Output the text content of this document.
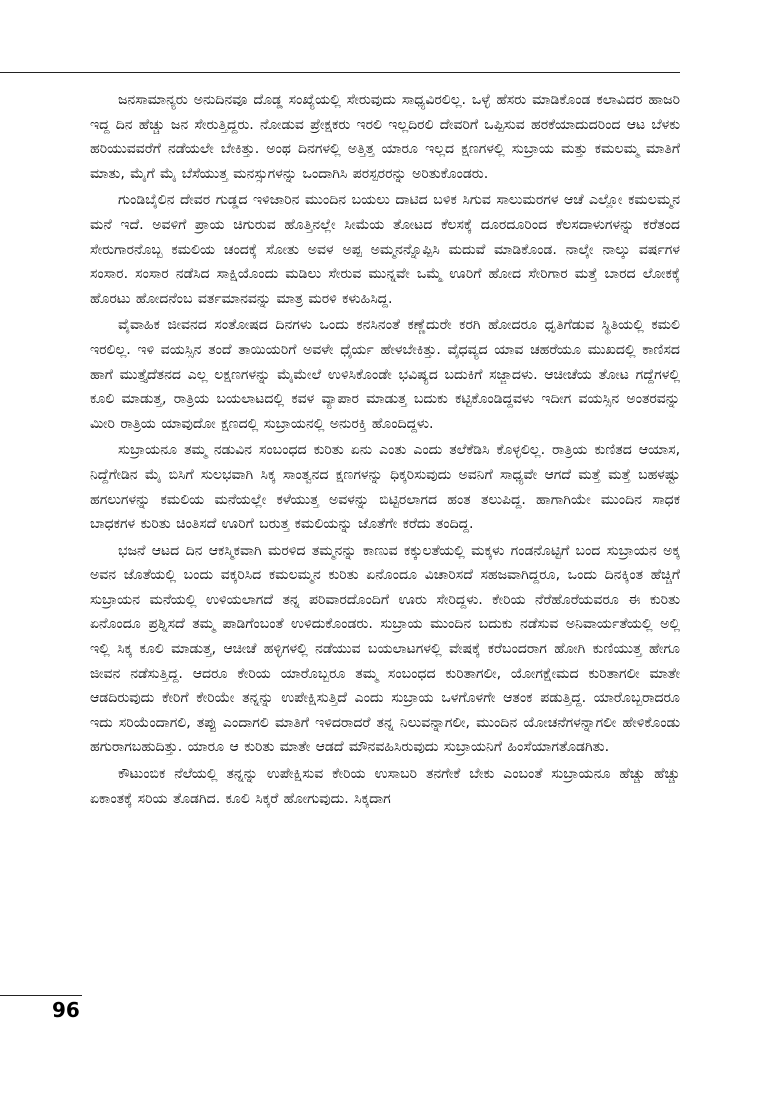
ಜನಸಾಮಾನ್ಯರು ಅನುದಿನವೂ ದೊಡ್ಡ ಸಂಖ್ಯೆಯಲ್ಲಿ ಸೇರುವುದು ಸಾಧ್ಯವಿರಲಿಲ್ಲ. ಒಳ್ಳೆ ಹೆಸರು ಮಾಡಿಕೊಂಡ ಕಲಾವಿದರ ಹಾಜರಿ ಇದ್ದ ದಿನ ಹೆಚ್ಚು ಜನ ಸೇರುತ್ತಿದ್ದರು. ನೋಡುವ ಪ್ರೇಕ್ಷಕರು ಇರಲಿ ಇಲ್ಲದಿರಲಿ ದೇವರಿಗೆ ಒಪ್ಪಿಸುವ ಹರಕೆಯಾದುದರಿಂದ ಆಟ ಬೆಳಕು ಹರಿಯುವವರೆಗೆ ನಡೆಯಲೇ ಬೇಕಿತ್ತು. ಅಂಥ ದಿನಗಳಲ್ಲಿ ಅತ್ತಿತ್ತ ಯಾರೂ ಇಲ್ಲದ ಕ್ಷಣಗಳಲ್ಲಿ ಸುಬ್ರಾಯ ಮತ್ತು ಕಮಲಮ್ಮ ಮಾತಿಗೆ ಮಾತು, ಮೈಗೆ ಮೈ ಬೆಸೆಯುತ್ತ ಮನಸ್ಸುಗಳನ್ನು ಒಂದಾಗಿಸಿ ಪರಸ್ಪರರನ್ನು ಅರಿತುಕೊಂಡರು.

ಗುಂಡಿಬೈಲಿನ ದೇವರ ಗುಡ್ಡದ ಇಳಿಜಾರಿನ ಮುಂದಿನ ಬಯಲು ದಾಟಿದ ಬಳಿಕ ಸಿಗುವ ಸಾಲುಮರಗಳ ಆಚೆ ಎಲ್ಲೋ ಕಮಲಮ್ಮನ ಮನೆ ಇದೆ. ಅವಳಿಗೆ ಪ್ರಾಯ ಚಿಗುರುವ ಹೊತ್ತಿನಲ್ಲೇ ಸೀಮೆಯ ತೋಟದ ಕೆಲಸಕ್ಕೆ ದೂರದೂರಿಂದ ಕೆಲಸದಾಳುಗಳನ್ನು ಕರೆತಂದ ಸೇರುಗಾರನೊಬ್ಬ ಕಮಲಿಯ ಚಂದಕ್ಕೆ ಸೋತು ಅವಳ ಅಪ್ಪ ಅಮ್ಮನನ್ನೊಪ್ಪಿಸಿ ಮದುವೆ ಮಾಡಿಕೊಂಡ. ನಾಲ್ಕೇ ನಾಲ್ಕು ವರ್ಷಗಳ ಸಂಸಾರ. ಸಂಸಾರ ನಡೆಸಿದ ಸಾಕ್ಷಿಯೊಂದು ಮಡಿಲು ಸೇರುವ ಮುನ್ನವೇ ಒಮ್ಮೆ ಊರಿಗೆ ಹೋದ ಸೇರಿಗಾರ ಮತ್ತೆ ಬಾರದ ಲೋಕಕ್ಕೆ ಹೊರಟು ಹೋದನೆಂಬ ವರ್ತಮಾನವನ್ನು ಮಾತ್ರ ಮರಳಿ ಕಳುಹಿಸಿದ್ದ.

ವೈವಾಹಿಕ ಜೀವನದ ಸಂತೋಷದ ದಿನಗಳು ಒಂದು ಕನಸಿನಂತೆ ಕಣ್ಣೆದುರೇ ಕರಗಿ ಹೋದರೂ ಧೃತಿಗೆಡುವ ಸ್ಥಿತಿಯಲ್ಲಿ ಕಮಲಿ ಇರಲಿಲ್ಲ. ಇಳಿ ವಯಸ್ಸಿನ ತಂದೆ ತಾಯಿಯರಿಗೆ ಅವಳೇ ಧೈರ್ಯ ಹೇಳಬೇಕಿತ್ತು. ವೈಧವ್ಯದ ಯಾವ ಚಹರೆಯೂ ಮುಖದಲ್ಲಿ ಕಾಣಿಸದ ಹಾಗೆ ಮುತ್ತೈದೆತನದ ಎಲ್ಲ ಲಕ್ಷಣಗಳನ್ನು ಮೈಮೇಲೆ ಉಳಿಸಿಕೊಂಡೇ ಭವಿಷ್ಯದ ಬದುಕಿಗೆ ಸಜ್ಜಾದಳು. ಆಚೀಚೆಯ ತೋಟ ಗದ್ದೆಗಳಲ್ಲಿ ಕೂಲಿ ಮಾಡುತ್ತ, ರಾತ್ರಿಯ ಬಯಲಾಟದಲ್ಲಿ ಕವಳ ವ್ಯಾಪಾರ ಮಾಡುತ್ತ ಬದುಕು ಕಟ್ಟಿಕೊಂಡಿದ್ದವಳು ಇದೀಗ ವಯಸ್ಸಿನ ಅಂತರವನ್ನು ಮೀರಿ ರಾತ್ರಿಯ ಯಾವುದೋ ಕ್ಷಣದಲ್ಲಿ ಸುಬ್ರಾಯನಲ್ಲಿ ಅನುರಕ್ತಿ ಹೊಂದಿದ್ದಳು.

ಸುಬ್ರಾಯನೂ ತಮ್ಮ ನಡುವಿನ ಸಂಬಂಧದ ಕುರಿತು ಏನು ಎಂತು ಎಂದು ತಲೆಕೆಡಿಸಿ ಕೊಳ್ಳಲಿಲ್ಲ. ರಾತ್ರಿಯ ಕುಣಿತದ ಆಯಾಸ, ನಿದ್ದೆಗೇಡಿನ ಮೈ ಬಿಸಿಗೆ ಸುಲಭವಾಗಿ ಸಿಕ್ಕ ಸಾಂತ್ವನದ ಕ್ಷಣಗಳನ್ನು ಧಿಕ್ಕರಿಸುವುದು ಅವನಿಗೆ ಸಾಧ್ಯವೇ ಆಗದೆ ಮತ್ತೆ ಮತ್ತೆ ಬಹಳಷ್ಟು ಹಗಲುಗಳನ್ನು ಕಮಲಿಯ ಮನೆಯಲ್ಲೇ ಕಳೆಯುತ್ತ ಅವಳನ್ನು ಬಿಟ್ಟಿರಲಾಗದ ಹಂತ ತಲುಪಿದ್ದ. ಹಾಗಾಗಿಯೇ ಮುಂದಿನ ಸಾಧಕ ಬಾಧಕಗಳ ಕುರಿತು ಚಿಂತಿಸದೆ ಊರಿಗೆ ಬರುತ್ತ ಕಮಲಿಯನ್ನು ಜೊತೆಗೇ ಕರೆದು ತಂದಿದ್ದ.

ಭಜನೆ ಆಟದ ದಿನ ಆಕಸ್ಮಿಕವಾಗಿ ಮರಳಿದ ತಮ್ಮನನ್ನು ಕಾಣುವ ಕಕ್ಕುಲತೆಯಲ್ಲಿ ಮಕ್ಕಳು ಗಂಡನೊಟ್ಟಿಗೆ ಬಂದ ಸುಬ್ರಾಯನ ಅಕ್ಕ ಅವನ ಜೊತೆಯಲ್ಲಿ ಬಂದು ವಕ್ಕರಿಸಿದ ಕಮಲಮ್ಮನ ಕುರಿತು ಏನೊಂದೂ ವಿಚಾರಿಸದೆ ಸಹಜವಾಗಿದ್ದರೂ, ಒಂದು ದಿನಕ್ಕಿಂತ ಹೆಚ್ಚಿಗೆ ಸುಬ್ರಾಯನ ಮನೆಯಲ್ಲಿ ಉಳಿಯಲಾಗದೆ ತನ್ನ ಪರಿವಾರದೊಂದಿಗೆ ಊರು ಸೇರಿದ್ದಳು. ಕೇರಿಯ ನೆರೆಹೊರೆಯವರೂ ಈ ಕುರಿತು ಏನೊಂದೂ ಪ್ರಶ್ನಿಸದೆ ತಮ್ಮ ಪಾಡಿಗೆಂಬಂತೆ ಉಳಿದುಕೊಂಡರು. ಸುಬ್ರಾಯ ಮುಂದಿನ ಬದುಕು ನಡೆಸುವ ಅನಿವಾರ್ಯತೆಯಲ್ಲಿ ಅಲ್ಲಿ ಇಲ್ಲಿ ಸಿಕ್ಕ ಕೂಲಿ ಮಾಡುತ್ತ, ಆಚೀಚೆ ಹಳ್ಳಿಗಳಲ್ಲಿ ನಡೆಯುವ ಬಯಲಾಟಗಳಲ್ಲಿ ವೇಷಕ್ಕೆ ಕರೆಬಂದರಾಗ ಹೋಗಿ ಕುಣಿಯುತ್ತ ಹೇಗೂ ಜೀವನ ನಡೆಸುತ್ತಿದ್ದ. ಆದರೂ ಕೇರಿಯ ಯಾರೊಬ್ಬರೂ ತಮ್ಮ ಸಂಬಂಧದ ಕುರಿತಾಗಲೀ, ಯೋಗಕ್ಷೇಮದ ಕುರಿತಾಗಲೀ ಮಾತೇ ಆಡದಿರುವುದು ಕೇರಿಗೆ ಕೇರಿಯೇ ತನ್ನನ್ನು ಉಪೇಕ್ಷಿಸುತ್ತಿದೆ ಎಂದು ಸುಬ್ರಾಯ ಒಳಗೊಳಗೇ ಆತಂಕ ಪಡುತ್ತಿದ್ದ. ಯಾರೊಬ್ಬರಾದರೂ ಇದು ಸರಿಯೆಂದಾಗಲಿ, ತಪ್ಪು ಎಂದಾಗಲಿ ಮಾತಿಗೆ ಇಳಿದರಾದರೆ ತನ್ನ ನಿಲುವನ್ನಾಗಲೀ, ಮುಂದಿನ ಯೋಚನೆಗಳನ್ನಾಗಲೀ ಹೇಳಿಕೊಂಡು ಹಗುರಾಗಬಹುದಿತ್ತು. ಯಾರೂ ಆ ಕುರಿತು ಮಾತೇ ಆಡದೆ ಮೌನವಹಿಸಿರುವುದು ಸುಬ್ರಾಯನಿಗೆ ಹಿಂಸೆಯಾಗತೊಡಗಿತು.

ಕೌಟುಂಬಿಕ ನೆಲೆಯಲ್ಲಿ ತನ್ನನ್ನು ಉಪೇಕ್ಷಿಸುವ ಕೇರಿಯ ಉಸಾಬರಿ ತನಗೇಕೆ ಬೇಕು ಎಂಬಂತೆ ಸುಬ್ರಾಯನೂ ಹೆಚ್ಚು ಹೆಚ್ಚು ಏಕಾಂತಕ್ಕೆ ಸರಿಯ ತೊಡಗಿದ. ಕೂಲಿ ಸಿಕ್ಕರೆ ಹೋಗುವುದು. ಸಿಕ್ಕದಾಗ

96
